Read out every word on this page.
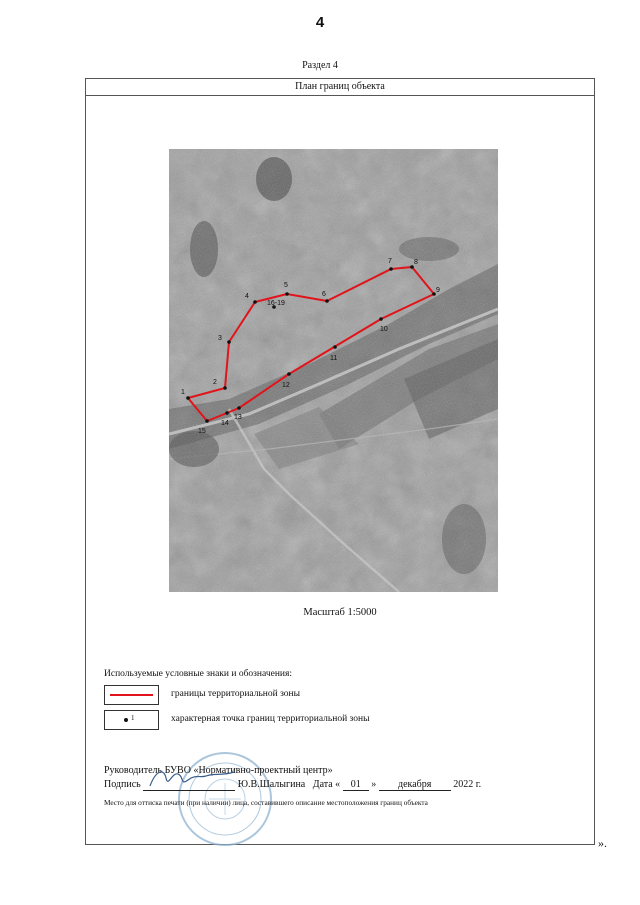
4
Раздел 4
План границ объекта
1
2
3
4
5
16-19
6
7	8
9
10
11
12
13
14
15
Масштаб 1:5000
Используемые условные знаки и обозначения:
границы территориальной зоны
1	характерная точка границ территориальной зоны
Руководитель БУВО «Нормативно-проектный центр»
Подпись	Ю.В.Шалыгина Дата « 01 » декабря 2022 г.
Место для оттиска печати (при наличии) лица, составившего описание местоположения границ объекта
».
